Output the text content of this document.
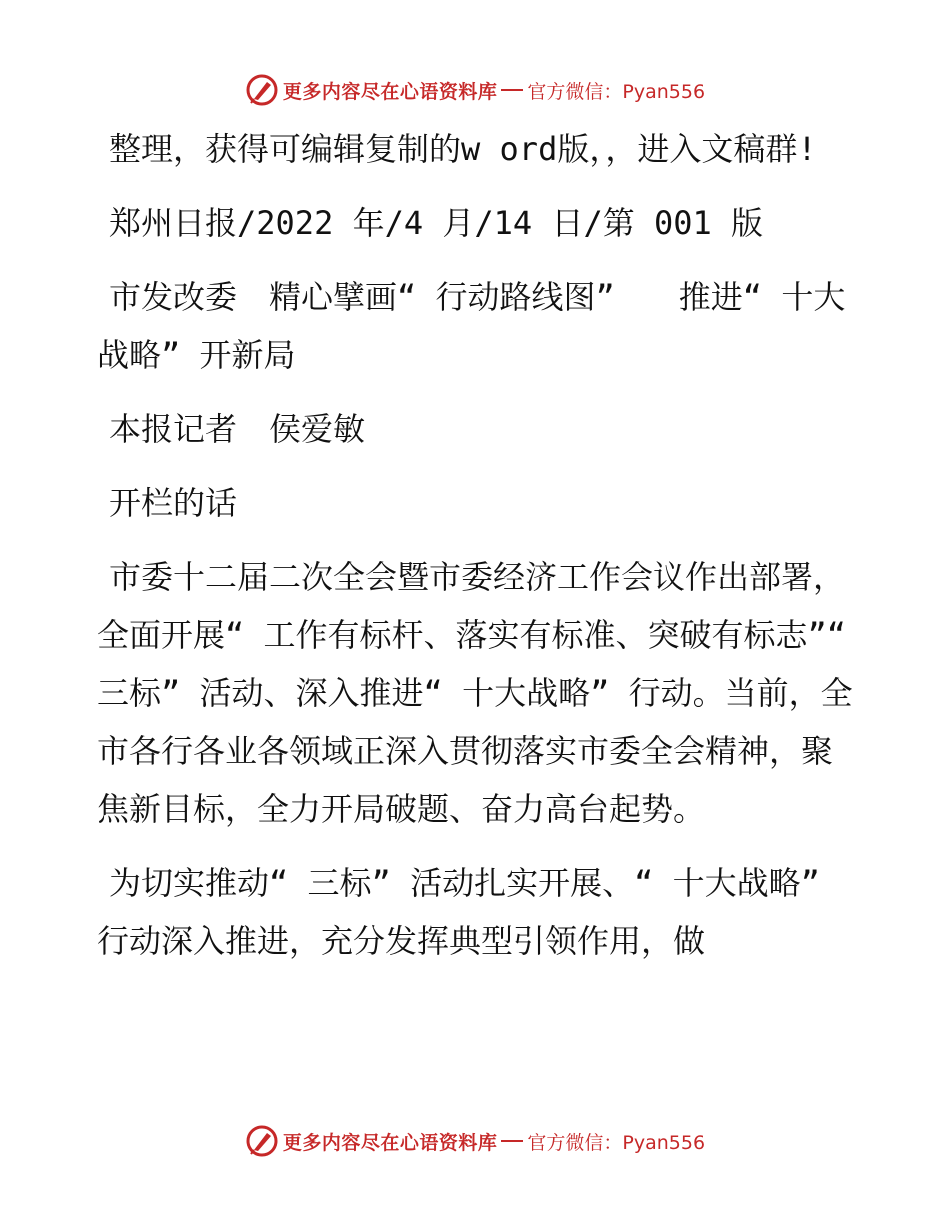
更多内容尽在心语资料库 官方微信：Pyan556

整理，获得可编辑复制的w ord版，，进入文稿群!

郑州日报/2022 年/4 月/14 日/第 001 版

市发改委　精心擘画“ 行动路线图”　　推进“ 十大战略” 开新局

本报记者　侯爱敏

开栏的话

市委十二届二次全会暨市委经济工作会议作出部署，全面开展“ 工作有标杆、落实有标准、突破有标志”“ 三标” 活动、深入推进“ 十大战略” 行动。当前，全市各行各业各领域正深入贯彻落实市委全会精神，聚焦新目标，全力开局破题、奋力高台起势。

为切实推动“ 三标” 活动扎实开展、“ 十大战略” 行动深入推进，充分发挥典型引领作用，做

更多内容尽在心语资料库 官方微信：Pyan556
